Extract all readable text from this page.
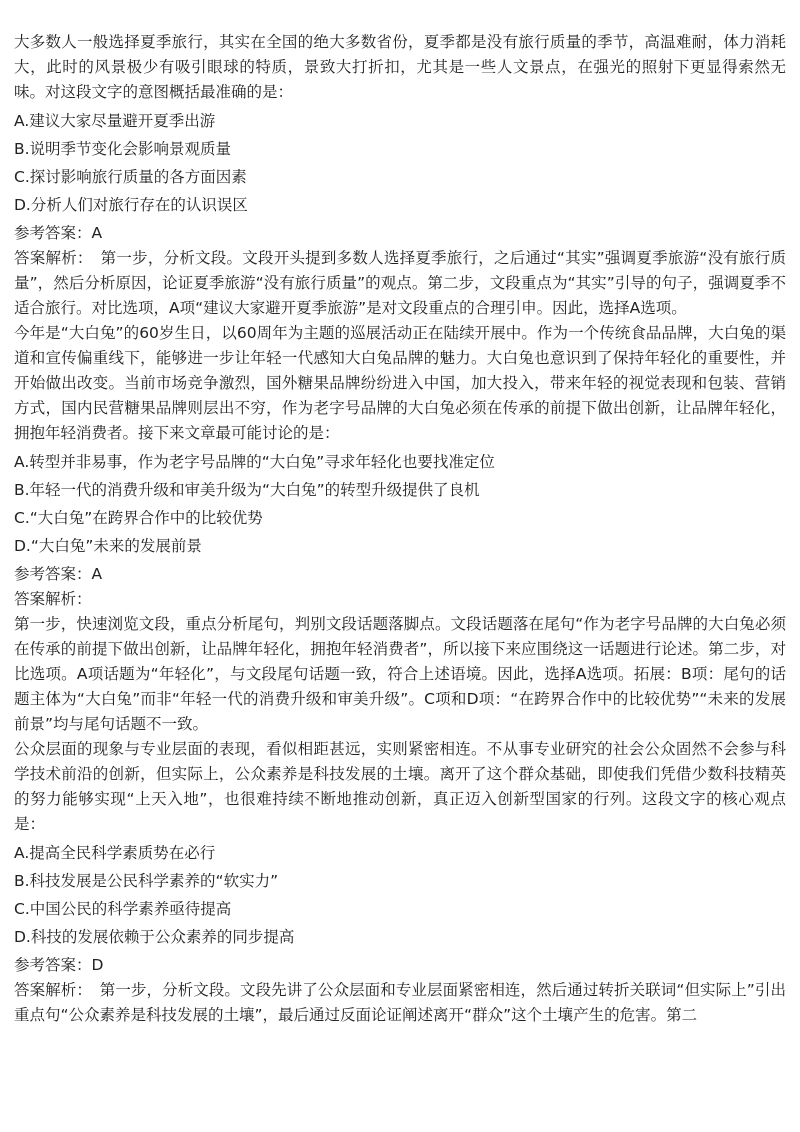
大多数人一般选择夏季旅行，其实在全国的绝大多数省份，夏季都是没有旅行质量的季节，高温难耐，体力消耗大，此时的风景极少有吸引眼球的特质，景致大打折扣，尤其是一些人文景点，在强光的照射下更显得索然无味。对这段文字的意图概括最准确的是：
A.建议大家尽量避开夏季出游
B.说明季节变化会影响景观质量
C.探讨影响旅行质量的各方面因素
D.分析人们对旅行存在的认识误区
参考答案：A
答案解析：　第一步，分析文段。文段开头提到多数人选择夏季旅行，之后通过“其实”强调夏季旅游“没有旅行质量”，然后分析原因，论证夏季旅游“没有旅行质量”的观点。第二步，文段重点为“其实”引导的句子，强调夏季不适合旅行。对比选项，A项“建议大家避开夏季旅游”是对文段重点的合理引申。因此，选择A选项。
今年是“大白兔”的60岁生日，以60周年为主题的巡展活动正在陆续开展中。作为一个传统食品品牌，大白兔的渠道和宣传偏重线下，能够进一步让年轻一代感知大白兔品牌的魅力。大白兔也意识到了保持年轻化的重要性，并开始做出改变。当前市场竞争激烈，国外糖果品牌纷纷进入中国，加大投入，带来年轻的视觉表现和包装、营销方式，国内民营糖果品牌则层出不穷，作为老字号品牌的大白兔必须在传承的前提下做出创新，让品牌年轻化，拥抱年轻消费者。接下来文章最可能讨论的是：
A.转型并非易事，作为老字号品牌的“大白兔”寻求年轻化也要找准定位
B.年轻一代的消费升级和审美升级为“大白兔”的转型升级提供了良机
C.“大白兔”在跨界合作中的比较优势
D.“大白兔”未来的发展前景
参考答案：A
答案解析：
第一步，快速浏览文段，重点分析尾句，判别文段话题落脚点。文段话题落在尾句“作为老字号品牌的大白兔必须在传承的前提下做出创新，让品牌年轻化，拥抱年轻消费者”，所以接下来应围绕这一话题进行论述。第二步，对比选项。A项话题为“年轻化”，与文段尾句话题一致，符合上述语境。因此，选择A选项。拓展：B项：尾句的话题主体为“大白兔”而非“年轻一代的消费升级和审美升级”。C项和D项：“在跨界合作中的比较优势”“未来的发展前景”均与尾句话题不一致。
公众层面的现象与专业层面的表现，看似相距甚远，实则紧密相连。不从事专业研究的社会公众固然不会参与科学技术前沿的创新，但实际上，公众素养是科技发展的土壤。离开了这个群众基础，即使我们凭借少数科技精英的努力能够实现“上天入地”，也很难持续不断地推动创新，真正迈入创新型国家的行列。这段文字的核心观点是：
A.提高全民科学素质势在必行
B.科技发展是公民科学素养的“软实力”
C.中国公民的科学素养亟待提高
D.科技的发展依赖于公众素养的同步提高
参考答案：D
答案解析：　第一步，分析文段。文段先讲了公众层面和专业层面紧密相连，然后通过转折关联词“但实际上”引出重点句“公众素养是科技发展的土壤”，最后通过反面论证阐述离开“群众”这个土壤产生的危害。第二
